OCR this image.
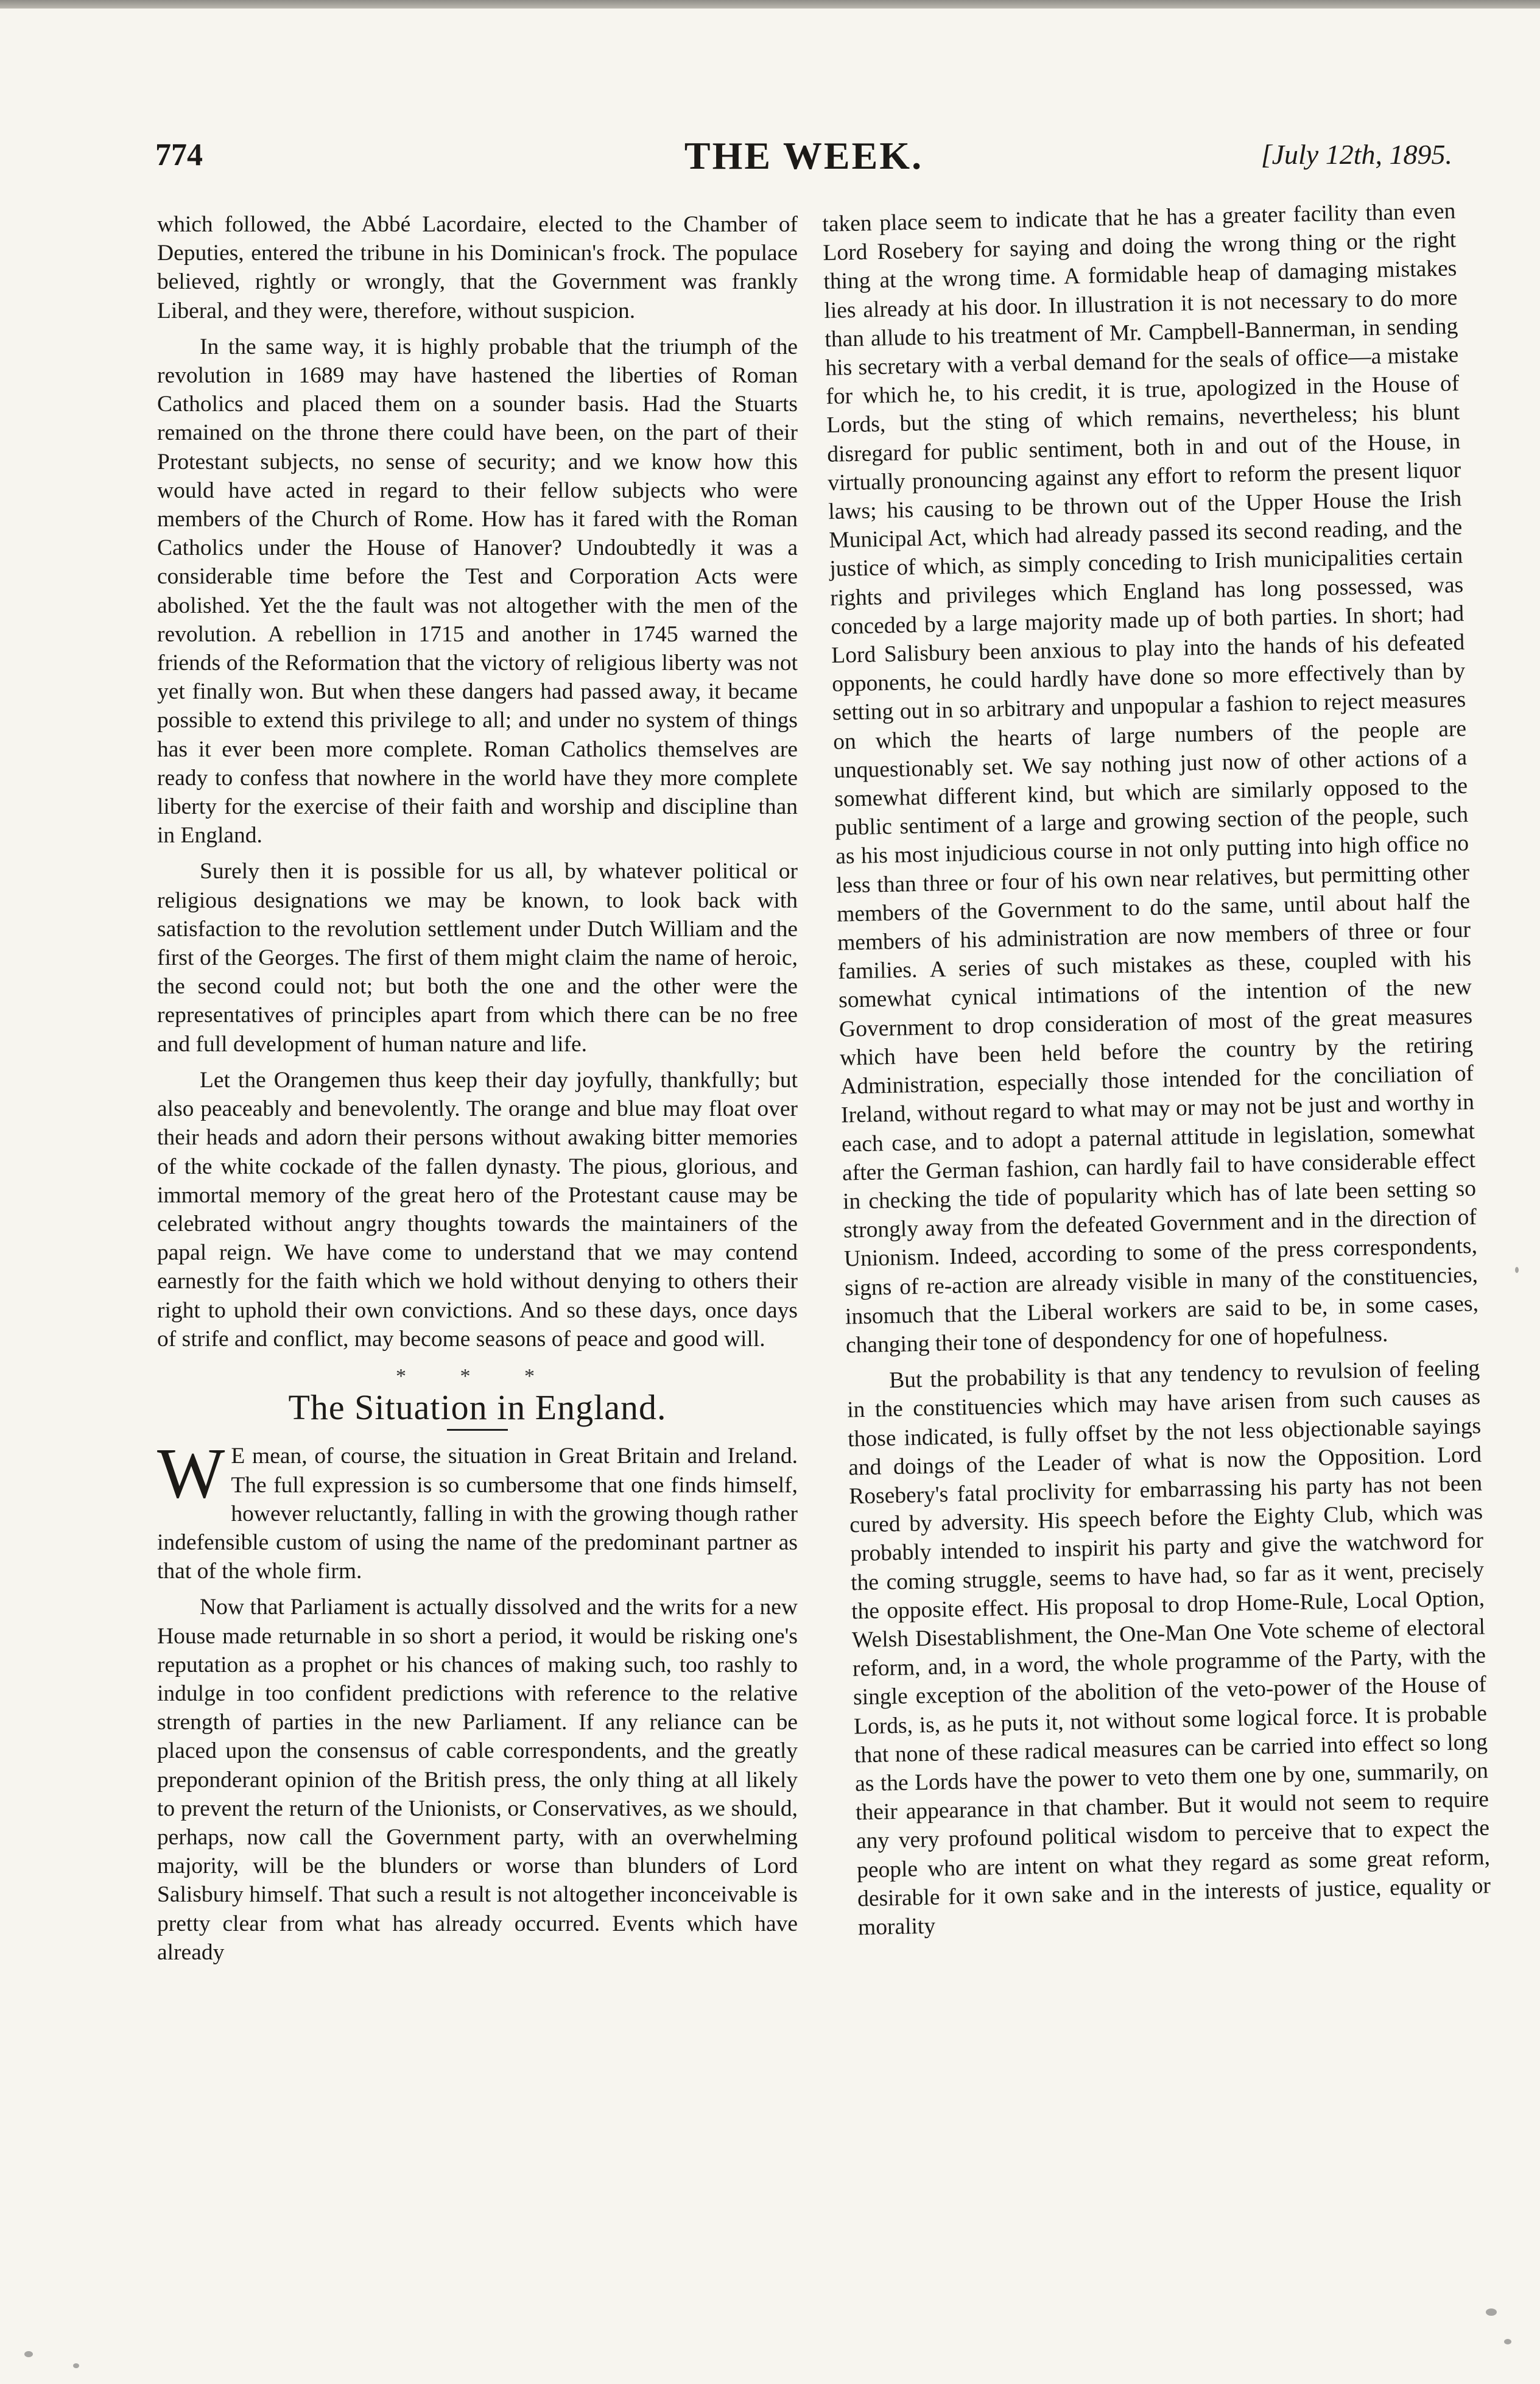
774	THE WEEK.	[July 12th, 1895.

which followed, the Abbé Lacordaire, elected to the Chamber of Deputies, entered the tribune in his Dominican's frock. The populace believed, rightly or wrongly, that the Government was frankly Liberal, and they were, therefore, without suspicion.

In the same way, it is highly probable that the triumph of the revolution in 1689 may have hastened the liberties of Roman Catholics and placed them on a sounder basis. Had the Stuarts remained on the throne there could have been, on the part of their Protestant subjects, no sense of security; and we know how this would have acted in regard to their fellow subjects who were members of the Church of Rome. How has it fared with the Roman Catholics under the House of Hanover? Undoubtedly it was a considerable time before the Test and Corporation Acts were abolished. Yet the the fault was not altogether with the men of the revolution. A rebellion in 1715 and another in 1745 warned the friends of the Reformation that the victory of religious liberty was not yet finally won. But when these dangers had passed away, it became possible to extend this privilege to all; and under no system of things has it ever been more complete. Roman Catholics themselves are ready to confess that nowhere in the world have they more complete liberty for the exercise of their faith and worship and discipline than in England.

Surely then it is possible for us all, by whatever political or religious designations we may be known, to look back with satisfaction to the revolution settlement under Dutch William and the first of the Georges. The first of them might claim the name of heroic, the second could not; but both the one and the other were the representatives of principles apart from which there can be no free and full development of human nature and life.

Let the Orangemen thus keep their day joyfully, thankfully; but also peaceably and benevolently. The orange and blue may float over their heads and adorn their persons without awaking bitter memories of the white cockade of the fallen dynasty. The pious, glorious, and immortal memory of the great hero of the Protestant cause may be celebrated without angry thoughts towards the maintainers of the papal reign. We have come to understand that we may contend earnestly for the faith which we hold without denying to others their right to uphold their own convictions. And so these days, once days of strife and conflict, may become seasons of peace and good will.

* * *
The Situation in England.

W E mean, of course, the situation in Great Britain and Ireland. The full expression is so cumbersome that one finds himself, however reluctantly, falling in with the growing though rather indefensible custom of using the name of the predominant partner as that of the whole firm.

Now that Parliament is actually dissolved and the writs for a new House made returnable in so short a period, it would be risking one's reputation as a prophet or his chances of making such, too rashly to indulge in too confident predictions with reference to the relative strength of parties in the new Parliament. If any reliance can be placed upon the consensus of cable correspondents, and the greatly preponderant opinion of the British press, the only thing at all likely to prevent the return of the Unionists, or Conservatives, as we should, perhaps, now call the Government party, with an overwhelming majority, will be the blunders or worse than blunders of Lord Salisbury himself. That such a result is not altogether inconceivable is pretty clear from what has already occurred. Events which have already

taken place seem to indicate that he has a greater facility than even Lord Rosebery for saying and doing the wrong thing or the right thing at the wrong time. A formidable heap of damaging mistakes lies already at his door. In illustration it is not necessary to do more than allude to his treatment of Mr. Campbell-Bannerman, in sending his secretary with a verbal demand for the seals of office—a mistake for which he, to his credit, it is true, apologized in the House of Lords, but the sting of which remains, nevertheless; his blunt disregard for public sentiment, both in and out of the House, in virtually pronouncing against any effort to reform the present liquor laws; his causing to be thrown out of the Upper House the Irish Municipal Act, which had already passed its second reading, and the justice of which, as simply conceding to Irish municipalities certain rights and privileges which England has long possessed, was conceded by a large majority made up of both parties. In short; had Lord Salisbury been anxious to play into the hands of his defeated opponents, he could hardly have done so more effectively than by setting out in so arbitrary and unpopular a fashion to reject measures on which the hearts of large numbers of the people are unquestionably set. We say nothing just now of other actions of a somewhat different kind, but which are similarly opposed to the public sentiment of a large and growing section of the people, such as his most injudicious course in not only putting into high office no less than three or four of his own near relatives, but permitting other members of the Government to do the same, until about half the members of his administration are now members of three or four families. A series of such mistakes as these, coupled with his somewhat cynical intimations of the intention of the new Government to drop consideration of most of the great measures which have been held before the country by the retiring Administration, especially those intended for the conciliation of Ireland, without regard to what may or may not be just and worthy in each case, and to adopt a paternal attitude in legislation, somewhat after the German fashion, can hardly fail to have considerable effect in checking the tide of popularity which has of late been setting so strongly away from the defeated Government and in the direction of Unionism. Indeed, according to some of the press correspondents, signs of re-action are already visible in many of the constituencies, insomuch that the Liberal workers are said to be, in some cases, changing their tone of despondency for one of hopefulness.

But the probability is that any tendency to revulsion of feeling in the constituencies which may have arisen from such causes as those indicated, is fully offset by the not less objectionable sayings and doings of the Leader of what is now the Opposition. Lord Rosebery's fatal proclivity for embarrassing his party has not been cured by adversity. His speech before the Eighty Club, which was probably intended to inspirit his party and give the watchword for the coming struggle, seems to have had, so far as it went, precisely the opposite effect. His proposal to drop Home-Rule, Local Option, Welsh Disestablishment, the One-Man One Vote scheme of electoral reform, and, in a word, the whole programme of the Party, with the single exception of the abolition of the veto-power of the House of Lords, is, as he puts it, not without some logical force. It is probable that none of these radical measures can be carried into effect so long as the Lords have the power to veto them one by one, summarily, on their appearance in that chamber. But it would not seem to require any very profound political wisdom to perceive that to expect the people who are intent on what they regard as some great reform, desirable for it own sake and in the interests of justice, equality or morality
